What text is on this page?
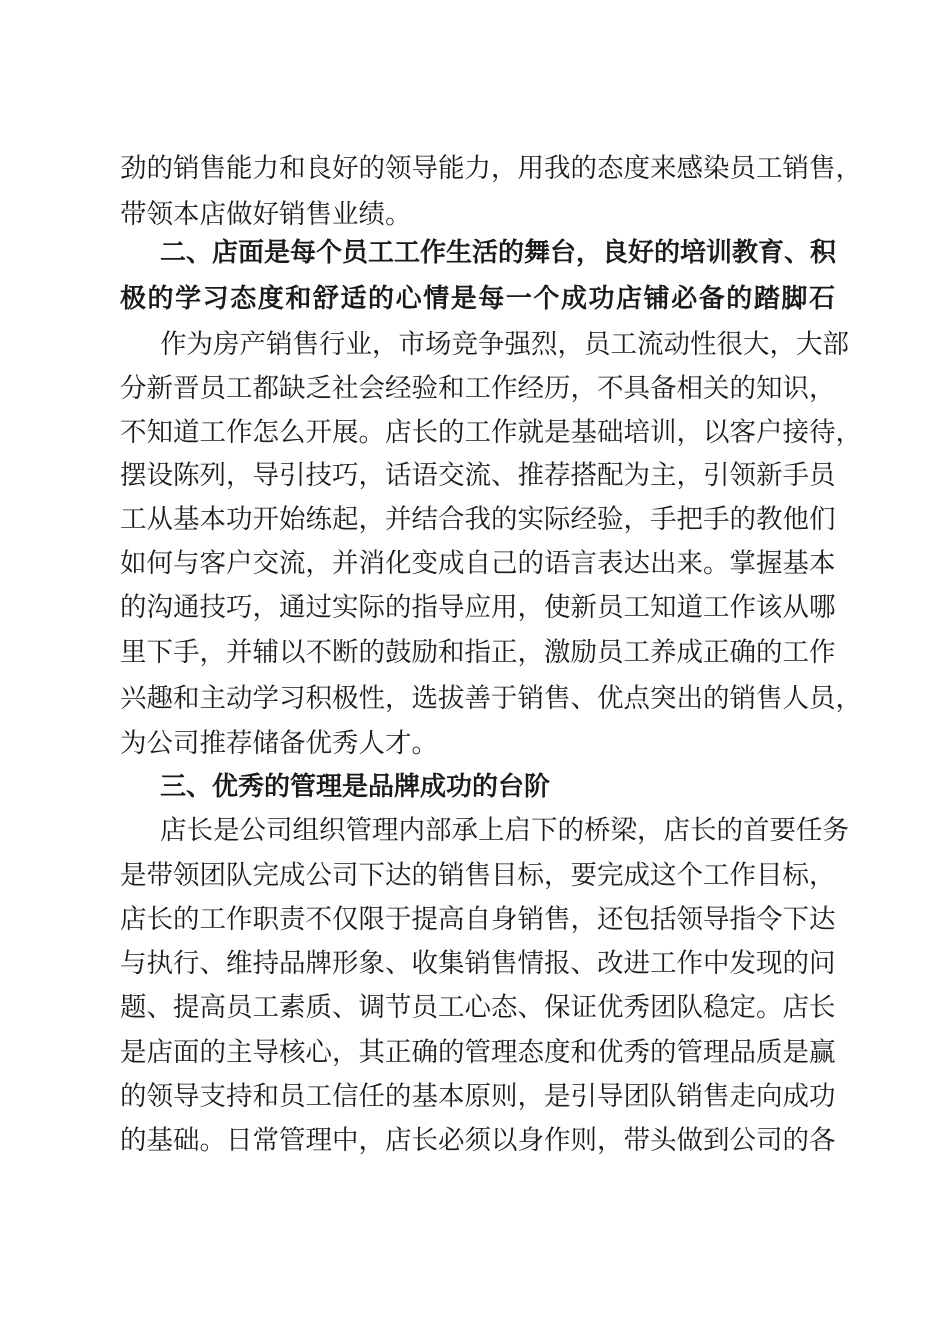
劲的销售能力和良好的领导能力，用我的态度来感染员工销售，
带领本店做好销售业绩。
二、店面是每个员工工作生活的舞台，良好的培训教育、积
极的学习态度和舒适的心情是每一个成功店铺必备的踏脚石
作为房产销售行业，市场竞争强烈，员工流动性很大，大部
分新晋员工都缺乏社会经验和工作经历，不具备相关的知识，
不知道工作怎么开展。店长的工作就是基础培训，以客户接待，
摆设陈列，导引技巧，话语交流、推荐搭配为主，引领新手员
工从基本功开始练起，并结合我的实际经验，手把手的教他们
如何与客户交流，并消化变成自己的语言表达出来。掌握基本
的沟通技巧，通过实际的指导应用，使新员工知道工作该从哪
里下手，并辅以不断的鼓励和指正，激励员工养成正确的工作
兴趣和主动学习积极性，选拔善于销售、优点突出的销售人员，
为公司推荐储备优秀人才。
三、优秀的管理是品牌成功的台阶
店长是公司组织管理内部承上启下的桥梁，店长的首要任务
是带领团队完成公司下达的销售目标，要完成这个工作目标，
店长的工作职责不仅限于提高自身销售，还包括领导指令下达
与执行、维持品牌形象、收集销售情报、改进工作中发现的问
题、提高员工素质、调节员工心态、保证优秀团队稳定。店长
是店面的主导核心，其正确的管理态度和优秀的管理品质是赢
的领导支持和员工信任的基本原则，是引导团队销售走向成功
的基础。日常管理中，店长必须以身作则，带头做到公司的各
